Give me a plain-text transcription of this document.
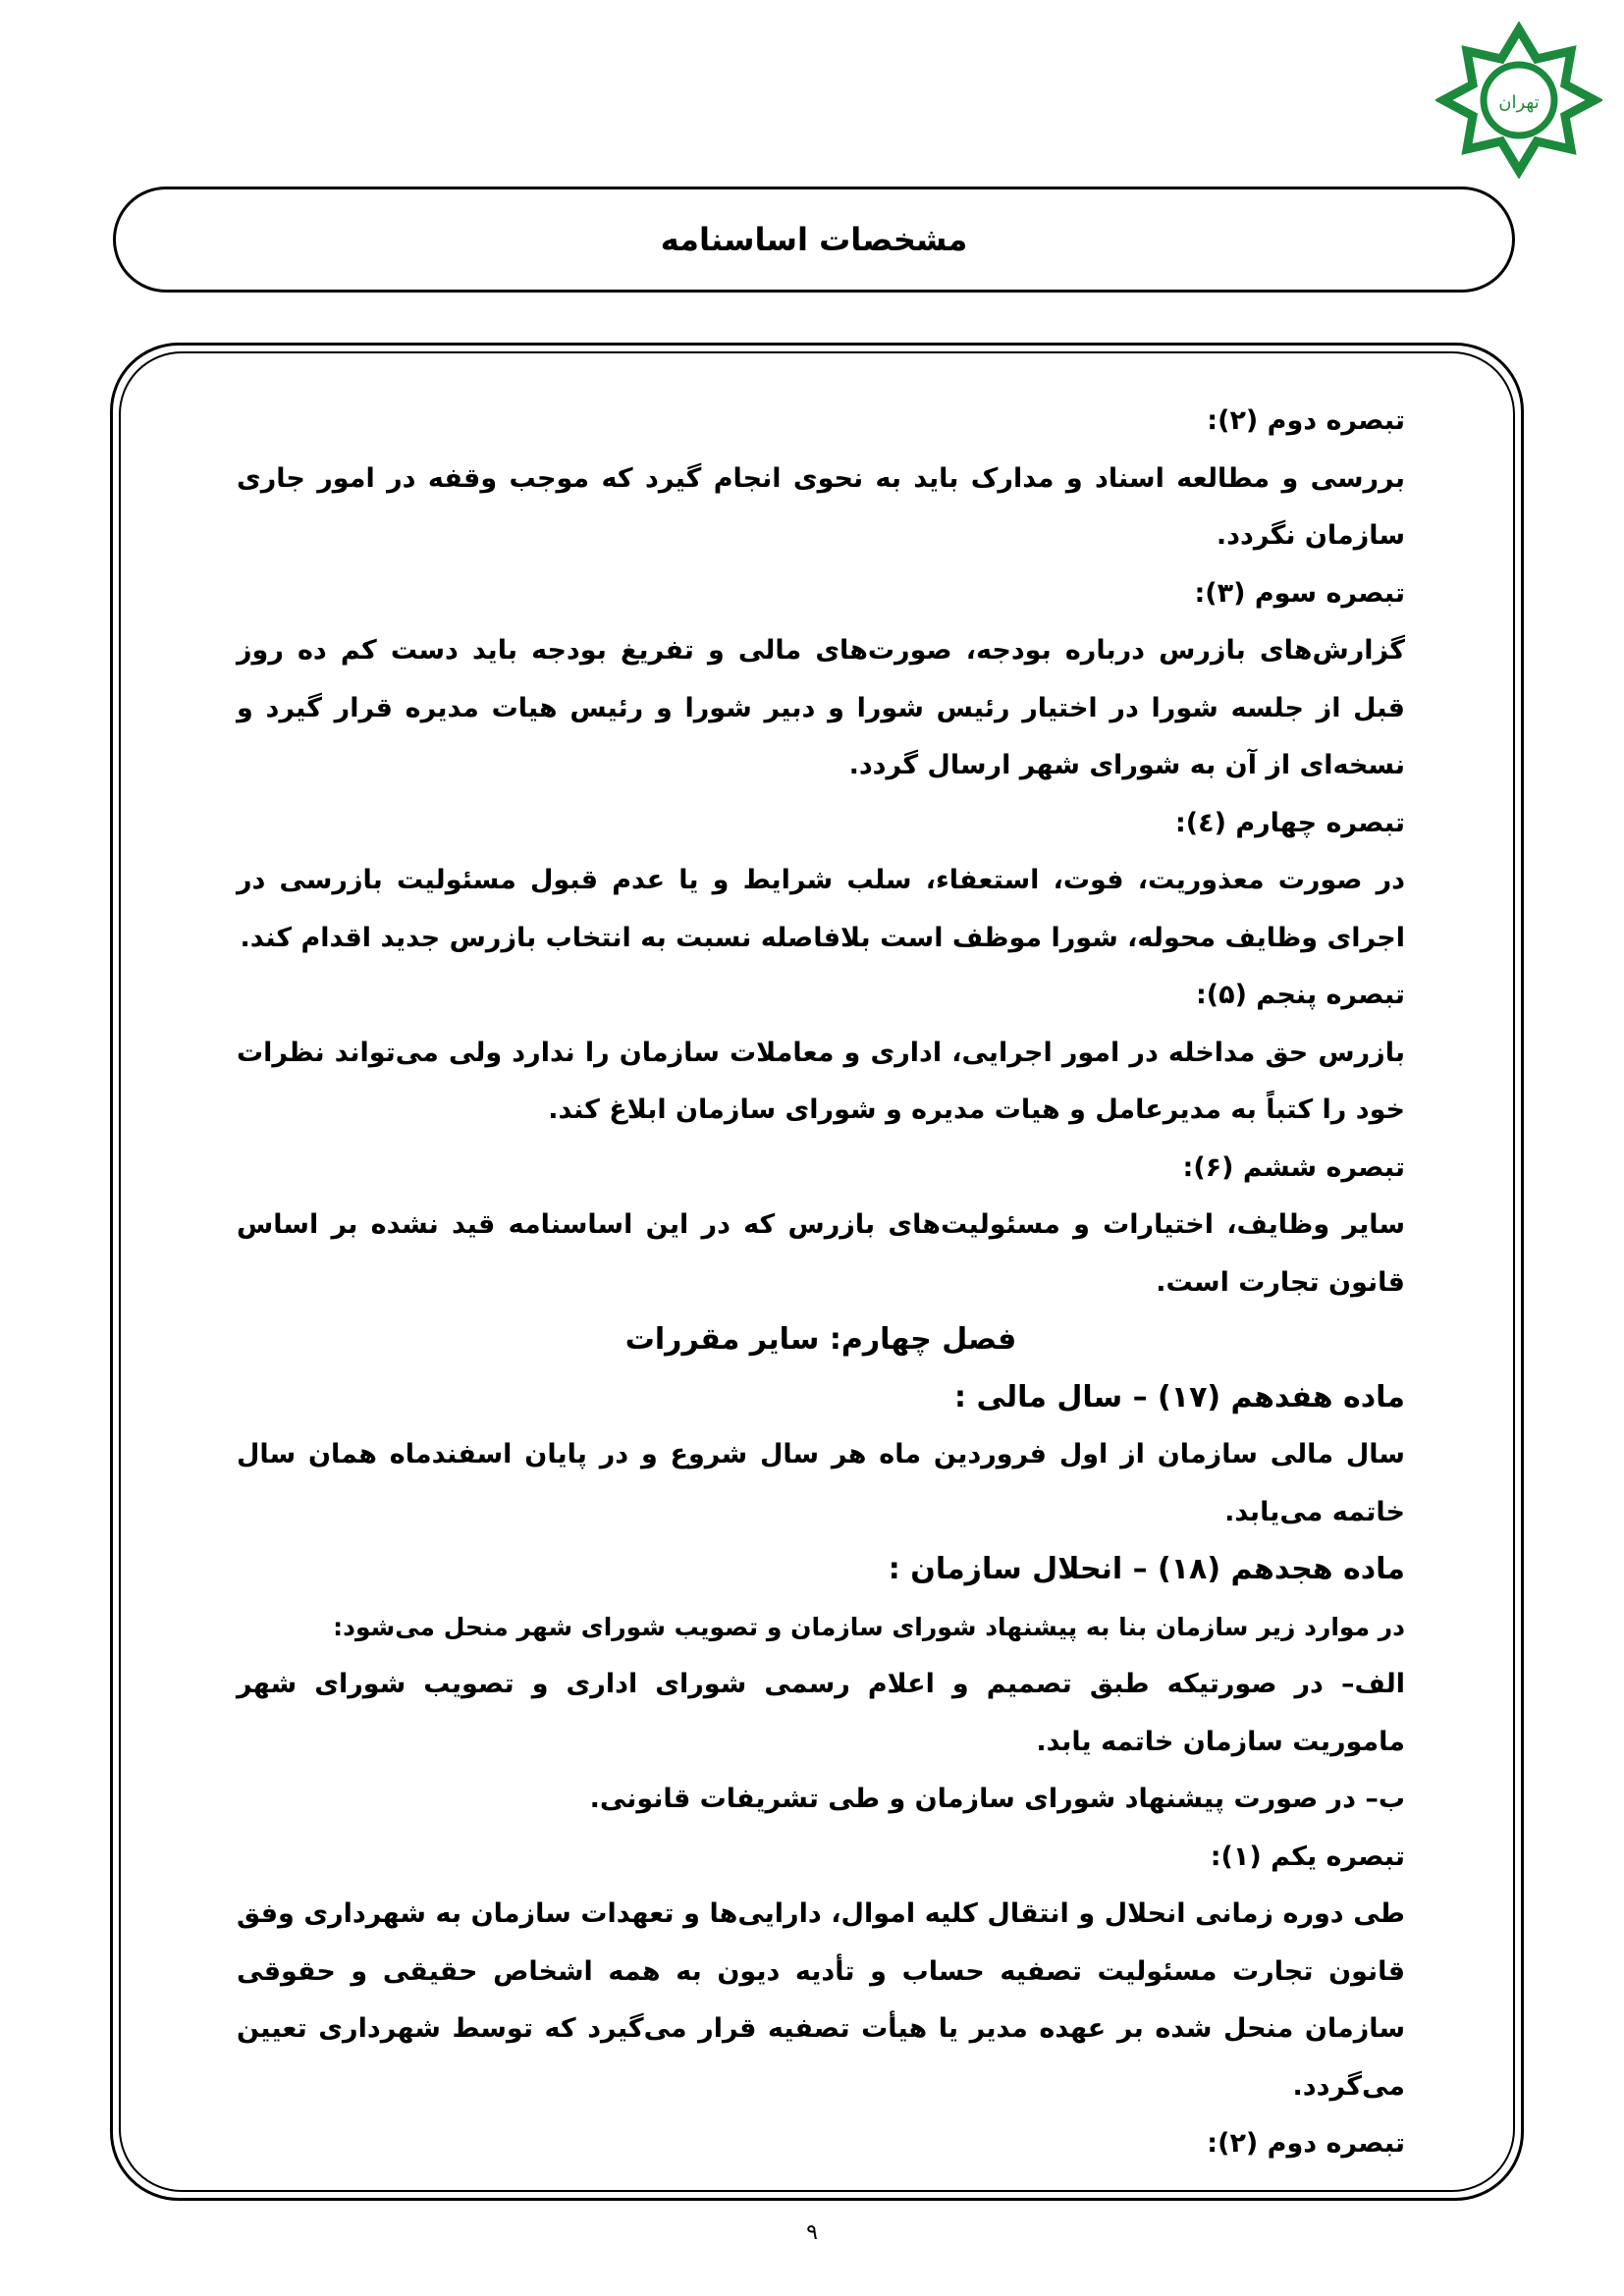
تهران
مشخصات اساسنامه

تبصره دوم (۲):

بررسی و مطالعه اسناد و مدارک باید به نحوی انجام گیرد که موجب وقفه در امور جاری سازمان نگردد.

تبصره سوم (۳):

گزارش‌های بازرس درباره بودجه، صورت‌های مالی و تفریغ بودجه باید دست کم ده روز قبل از جلسه شورا در اختیار رئیس شورا و دبیر شورا و رئیس هیات مدیره قرار گیرد و نسخه‌ای از آن به شورای شهر ارسال گردد.

تبصره چهارم (٤):

در صورت معذوریت، فوت، استعفاء، سلب شرایط و یا عدم قبول مسئولیت بازرسی در اجرای وظایف محوله، شورا موظف است بلافاصله نسبت به انتخاب بازرس جدید اقدام کند.

تبصره پنجم (۵):

بازرس حق مداخله در امور اجرایی، اداری و معاملات سازمان را ندارد ولی می‌تواند نظرات خود را کتباً به مدیرعامل و هیات مدیره و شورای سازمان ابلاغ کند.

تبصره ششم (۶):

سایر وظایف، اختیارات و مسئولیت‌های بازرس که در این اساسنامه قید نشده بر اساس قانون تجارت است.

فصل چهارم: سایر مقررات

ماده هفدهم (۱۷) – سال مالی :

سال مالی سازمان از اول فروردین ماه هر سال شروع و در پایان اسفندماه همان سال خاتمه می‌یابد.

ماده هجدهم (۱۸) – انحلال سازمان :

در موارد زیر سازمان بنا به پیشنهاد شورای سازمان و تصویب شورای شهر منحل می‌شود:

الف– در صورتیکه طبق تصمیم و اعلام رسمی شورای اداری و تصویب شورای شهر ماموریت سازمان خاتمه یابد.

ب– در صورت پیشنهاد شورای سازمان و طی تشریفات قانونی.

تبصره یکم (۱):

طی دوره زمانی انحلال و انتقال کلیه اموال، دارایی‌ها و تعهدات سازمان به شهرداری وفق قانون تجارت مسئولیت تصفیه حساب و تأدیه دیون به همه اشخاص حقیقی و حقوقی سازمان منحل شده بر عهده مدیر یا هیأت تصفیه قرار می‌گیرد که توسط شهرداری تعیین می‌گردد.

تبصره دوم (۲):

۹
